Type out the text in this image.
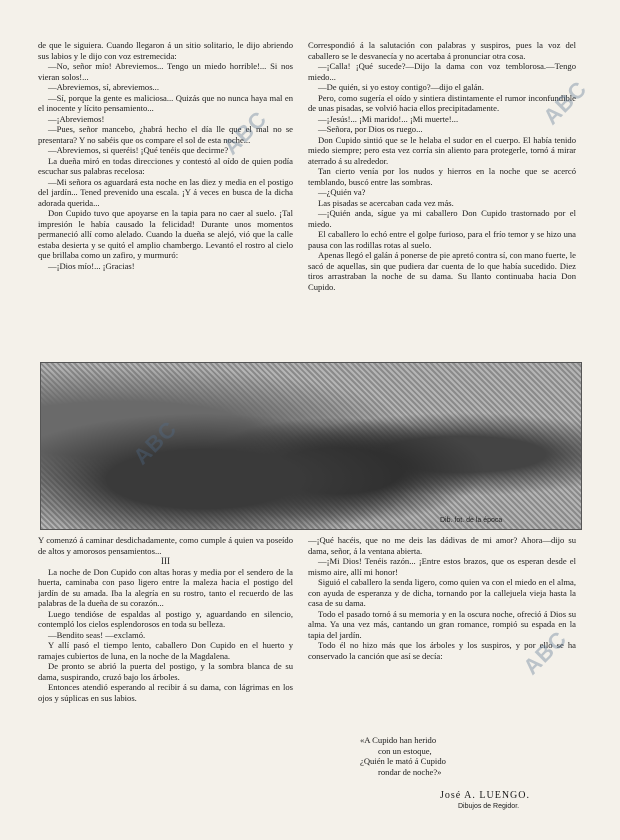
de que le siguiera. Cuando llegaron á un sitio solitario, le dijo abriendo sus labios y le dijo con voz estremecida:

—No, señor mío! Abreviemos... Tengo un miedo horrible!... Si nos vieran solos!...

—Abreviemos, sí, abreviemos...

—Sí, porque la gente es maliciosa... Quizás que no nunca haya mal en el inocente y lícito pensamiento...

—¡Abreviemos!

—Pues, señor mancebo, ¿habrá hecho el día lle que el mal no se presentara? Y no sabéis que os compare el sol de esta noche...

—Abreviemos, si queréis! ¡Qué tenéis que decirme?

La dueña miró en todas direcciones y contestó al oído de quien podía escuchar sus palabras recelosa:

—Mi señora os aguardará esta noche en las diez y media en el postigo del jardín... Tened prevenido una escala. ¡Y á veces en busca de la dicha adorada querida...

Don Cupido tuvo que apoyarse en la tapia para no caer al suelo. ¡Tal impresión le había causado la felicidad! Durante unos momentos permaneció allí como alelado. Cuando la dueña se alejó, vió que la calle estaba desierta y se quitó el amplio chambergo. Levantó el rostro al cielo que brillaba como un zafiro, y murmuró:

—¡Dios mío!... ¡Gracias!

Correspondió á la salutación con palabras y suspiros, pues la voz del caballero se le desvanecía y no acertaba á pronunciar otra cosa.

—¡Calla! ¡Qué sucede?—Dijo la dama con voz temblorosa.—Tengo miedo...

—De quién, si yo estoy contigo?—dijo el galán.

Pero, como sugería el oído y sintiera distintamente el rumor inconfundible de unas pisadas, se volvió hacia ellos precipitadamente.

—¡Jesús!... ¡Mi marido!... ¡Mi muerte!...

—Señora, por Dios os ruego...

Don Cupido sintió que se le helaba el sudor en el cuerpo. El había tenido miedo siempre; pero esta vez corría sin aliento para protegerle, tornó á mirar aterrado á su alrededor.

Tan cierto venía por los nudos y hierros en la noche que se acercó temblando, buscó entre las sombras.

—¿Quién va?

Las pisadas se acercaban cada vez más.

—¡Quién anda, sígue ya mi caballero Don Cupido trastornado por el miedo.

El caballero lo echó entre el golpe furioso, para el frío temor y se hizo una pausa con las rodillas rotas al suelo.

Apenas llegó el galán á ponerse de pie apretó contra sí, con mano fuerte, le sacó de aquellas, sin que pudiera dar cuenta de lo que había sucedido. Diez tiros arrastraban la noche de su dama. Su llanto continuaba hacia Don Cupido.

Dib. fot. de la época

Y comenzó á caminar desdichadamente, como cumple á quien va poseído de altos y amorosos pensamientos...

III

La noche de Don Cupido con altas horas y media por el sendero de la huerta, caminaba con paso ligero entre la maleza hacia el postigo del jardín de su amada. Iba la alegría en su rostro, tanto el recuerdo de las palabras de la dueña de su corazón...

Luego tendióse de espaldas al postigo y, aguardando en silencio, contempló los cielos esplendorosos en toda su belleza.

—Bendito seas! —exclamó.

Y allí pasó el tiempo lento, caballero Don Cupido en el huerto y ramajes cubiertos de luna, en la noche de la Magdalena.

De pronto se abrió la puerta del postigo, y la sombra blanca de su dama, suspirando, cruzó bajo los árboles.

Entonces atendió esperando al recibir á su dama, con lágrimas en los ojos y súplicas en sus labios.

—¡Qué hacéis, que no me deis las dádivas de mi amor? Ahora—dijo su dama, señor, á la ventana abierta.

—¡Mi Dios! Tenéis razón... ¡Entre estos brazos, que os esperan desde el mismo aire, allí mi honor!

Siguió el caballero la senda ligero, como quien va con el miedo en el alma, con ayuda de esperanza y de dicha, tornando por la callejuela vieja hasta la casa de su dama.

Todo el pasado tornó á su memoria y en la oscura noche, ofreció á Dios su alma. Ya una vez más, cantando un gran romance, rompió su espada en la tapia del jardín.

Todo él no hizo más que los árboles y los suspiros, y por ello se ha conservado la canción que así se decía:

«A Cupido han herido
con un estoque,
¿Quién le mató á Cupido
rondar de noche?»
José A. LUENGO.
Dibujos de Regidor.
ABC
ABC
ABC
ABC
